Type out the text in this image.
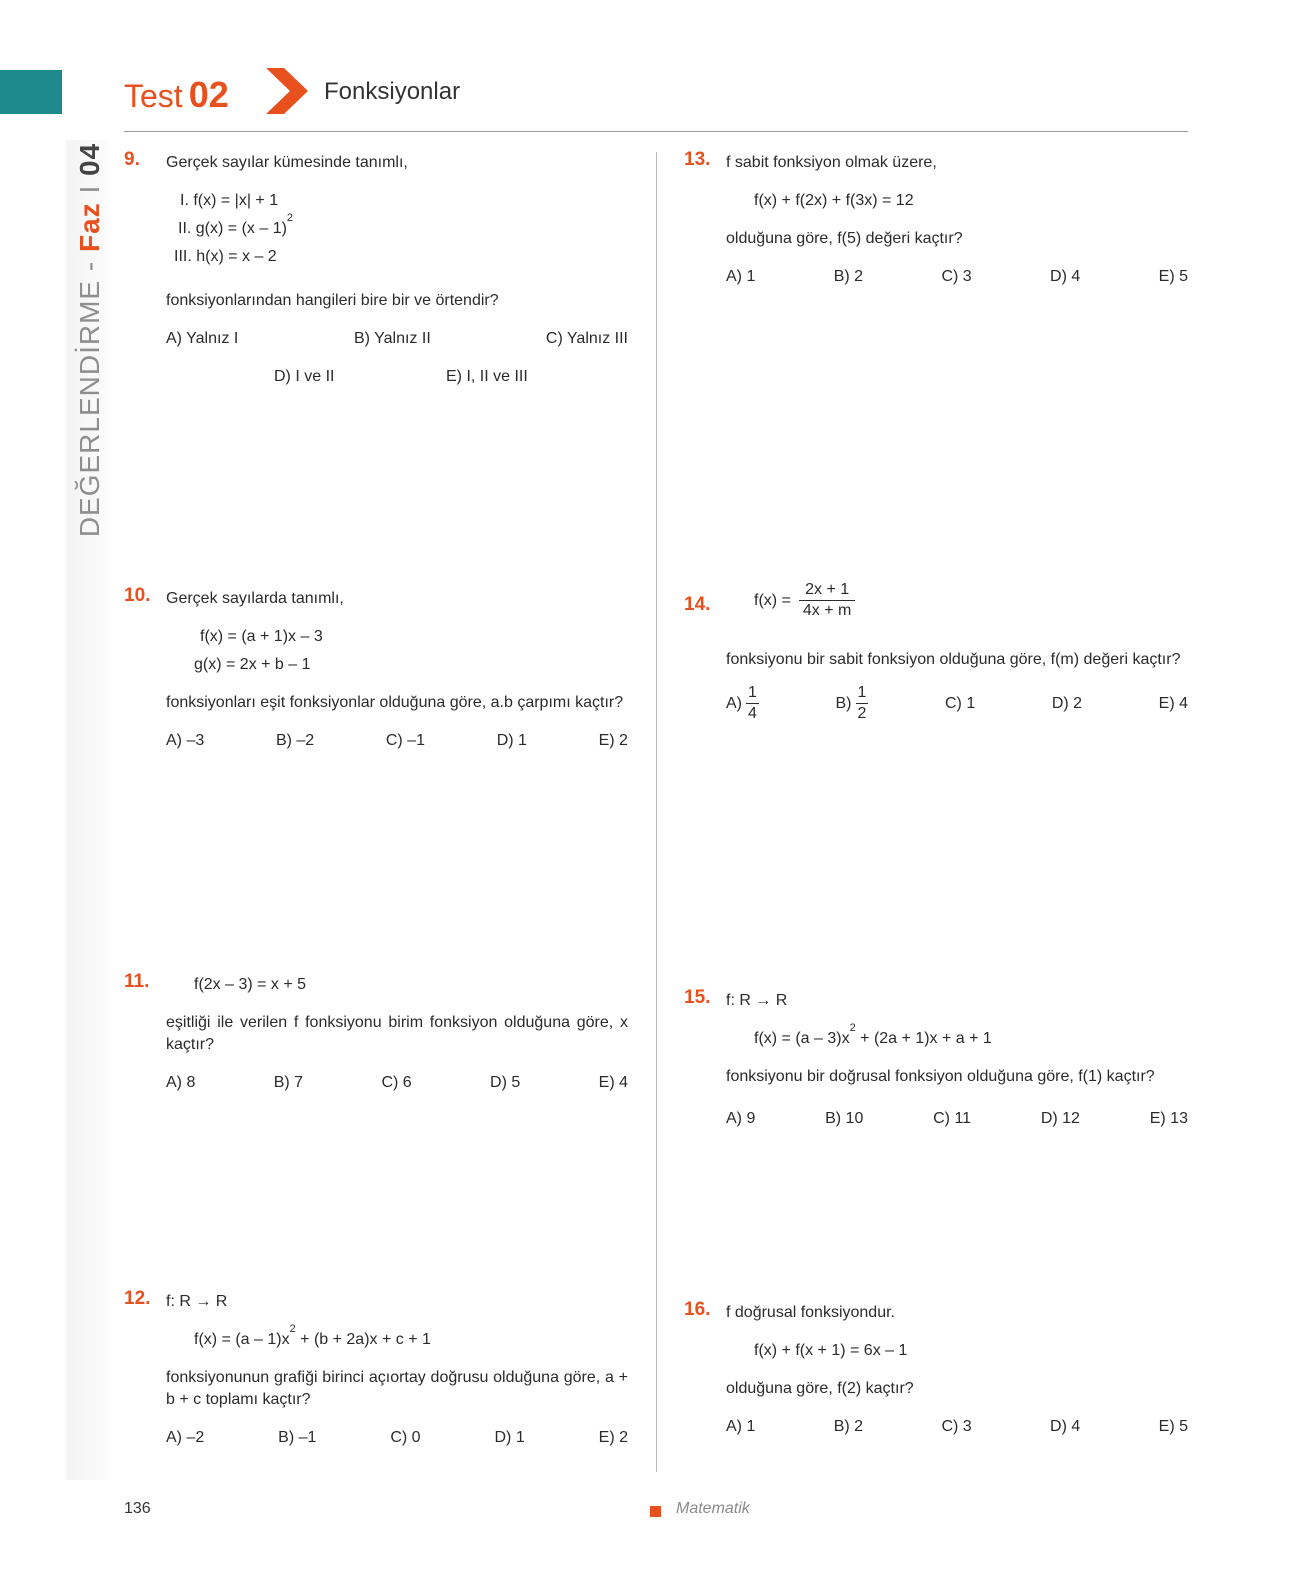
DEĞERLENDİRME - Faz I 04
Test 02	Fonksiyonlar
9. Gerçek sayılar kümesinde tanımlı,

I. f(x) = |x| + 1

II. g(x) = (x – 1)$^2$

III. h(x) = x – 2

fonksiyonlarından hangileri bire bir ve örtendir?

A) Yalnız I	B) Yalnız II	C) Yalnız III
D) I ve II	E) I, II ve III
10. Gerçek sayılarda tanımlı,

f(x) = (a + 1)x – 3

g(x) = 2x + b – 1

fonksiyonları eşit fonksiyonlar olduğuna göre, a.b çarpımı kaçtır?

A) –3	B) –2	C) –1	D) 1	E) 2
11.	f(2x – 3) = x + 5

eşitliği ile verilen f fonksiyonu birim fonksiyon olduğuna göre, x kaçtır?

A) 8	B) 7	C) 6	D) 5	E) 4
12. f: R → R

$f(x) = (a - 1)x^2 + (b + 2a)x + c + 1$

fonksiyonunun grafiği birinci açıortay doğrusu olduğuna göre, a + b + c toplamı kaçtır?

A) –2	B) –1	C) 0	D) 1	E) 2
13. f sabit fonksiyon olmak üzere,

f(x) + f(2x) + f(3x) = 12

olduğuna göre, f(5) değeri kaçtır?

A) 1	B) 2	C) 3	D) 4	E) 5
14.	$f(x) = \frac{2x + 1}{4x + m}$

fonksiyonu bir sabit fonksiyon olduğuna göre, f(m) değeri kaçtır?

$A) \frac{1}{4}$	$B) \frac{1}{2}$	C) 1	D) 2	E) 4
15. f: R → R

$f(x) = (a - 3)x^2 + (2a + 1)x + a + 1$

fonksiyonu bir doğrusal fonksiyon olduğuna göre, f(1) kaçtır?

A) 9	B) 10	C) 11	D) 12	E) 13
16. f doğrusal fonksiyondur.

f(x) + f(x + 1) = 6x – 1

olduğuna göre, f(2) kaçtır?

A) 1	B) 2	C) 3	D) 4	E) 5
136	Matematik
